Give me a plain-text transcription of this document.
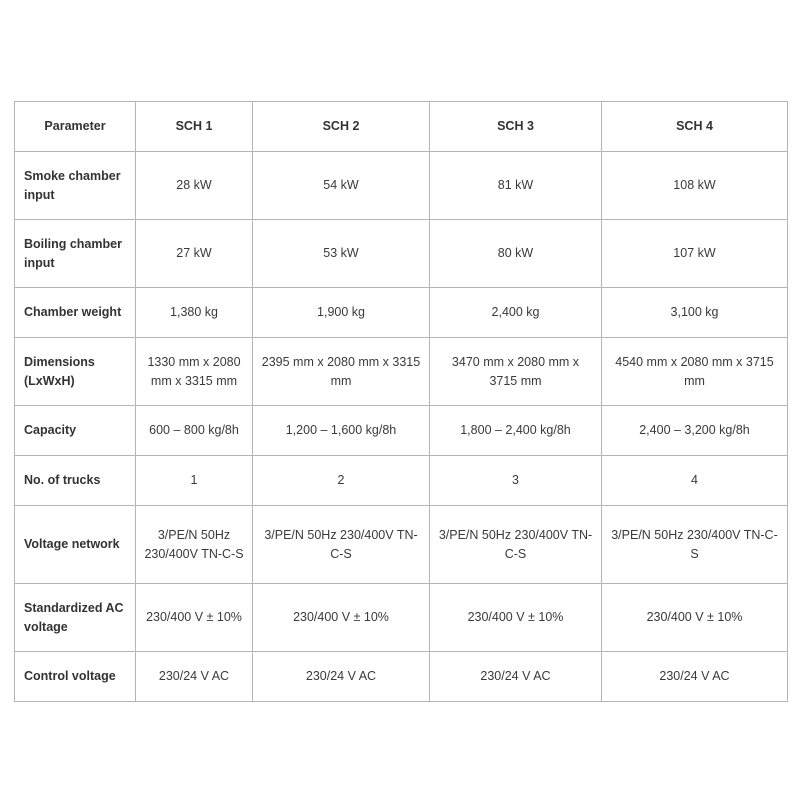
Parameter	SCH 1	SCH 2	SCH 3	SCH 4
Smoke chamber input	28 kW	54 kW	81 kW	108 kW
Boiling chamber input	27 kW	53 kW	80 kW	107 kW
Chamber weight	1,380 kg	1,900 kg	2,400 kg	3,100 kg
Dimensions (LxWxH)	1330 mm x 2080 mm x 3315 mm	2395 mm x 2080 mm x 3315 mm	3470 mm x 2080 mm x 3715 mm	4540 mm x 2080 mm x 3715 mm
Capacity	600 – 800 kg/8h	1,200 – 1,600 kg/8h	1,800 – 2,400 kg/8h	2,400 – 3,200 kg/8h
No. of trucks	1	2	3	4
Voltage network	3/PE/N 50Hz 230/400V TN-C-S	3/PE/N 50Hz 230/400V TN-C-S	3/PE/N 50Hz 230/400V TN-C-S	3/PE/N 50Hz 230/400V TN-C-S
Standardized AC voltage	230/400 V ± 10%	230/400 V ± 10%	230/400 V ± 10%	230/400 V ± 10%
Control voltage	230/24 V AC	230/24 V AC	230/24 V AC	230/24 V AC
